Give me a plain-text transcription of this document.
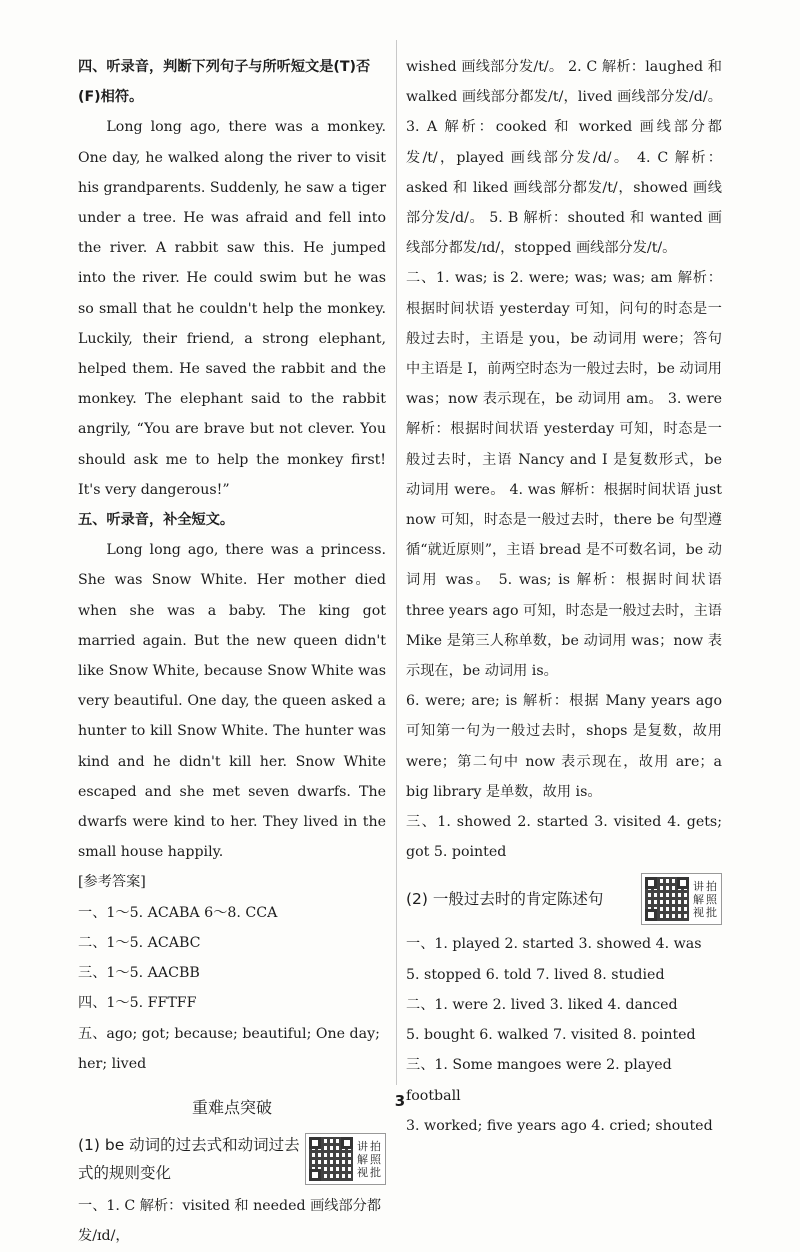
四、听录音，判断下列句子与所听短文是(T)否(F)相符。

Long long ago, there was a monkey. One day, he walked along the river to visit his grandparents. Suddenly, he saw a tiger under a tree. He was afraid and fell into the river. A rabbit saw this. He jumped into the river. He could swim but he was so small that he couldn't help the monkey. Luckily, their friend, a strong elephant, helped them. He saved the rabbit and the monkey. The elephant said to the rabbit angrily, “You are brave but not clever. You should ask me to help the monkey first! It's very dangerous!”

五、听录音，补全短文。

Long long ago, there was a princess. She was Snow White. Her mother died when she was a baby. The king got married again. But the new queen didn't like Snow White, because Snow White was very beautiful. One day, the queen asked a hunter to kill Snow White. The hunter was kind and he didn't kill her. Snow White escaped and she met seven dwarfs. The dwarfs were kind to her. They lived in the small house happily.

[参考答案]

一、1～5. ACABA 6～8. CCA

二、1～5. ACABC

三、1～5. AACBB

四、1～5. FFTFF

五、ago; got; because; beautiful; One day; her; lived

重难点突破
(1) be 动词的过去式和动词过去式的规则变化
讲 拍
解 照
视 批

一、1. C 解析：visited 和 needed 画线部分都发/ɪd/，

wished 画线部分发/t/。 2. C 解析：laughed 和 walked 画线部分都发/t/，lived 画线部分发/d/。 3. A 解析：cooked 和 worked 画线部分都发/t/，played 画线部分发/d/。 4. C 解析：asked 和 liked 画线部分都发/t/，showed 画线部分发/d/。 5. B 解析：shouted 和 wanted 画线部分都发/ɪd/，stopped 画线部分发/t/。

二、1. was; is 2. were; was; was; am 解析：根据时间状语 yesterday 可知，问句的时态是一般过去时，主语是 you，be 动词用 were；答句中主语是 I，前两空时态为一般过去时，be 动词用 was；now 表示现在，be 动词用 am。 3. were 解析：根据时间状语 yesterday 可知，时态是一般过去时，主语 Nancy and I 是复数形式，be 动词用 were。 4. was 解析：根据时间状语 just now 可知，时态是一般过去时，there be 句型遵循“就近原则”，主语 bread 是不可数名词，be 动词用 was。 5. was; is 解析：根据时间状语 three years ago 可知，时态是一般过去时，主语 Mike 是第三人称单数，be 动词用 was；now 表示现在，be 动词用 is。

6. were; are; is 解析：根据 Many years ago 可知第一句为一般过去时，shops 是复数，故用 were；第二句中 now 表示现在，故用 are；a big library 是单数，故用 is。

三、1. showed 2. started 3. visited 4. gets; got 5. pointed

(2) 一般过去时的肯定陈述句
讲 拍
解 照
视 批

一、1. played 2. started 3. showed 4. was

5. stopped 6. told 7. lived 8. studied

二、1. were 2. lived 3. liked 4. danced

5. bought 6. walked 7. visited 8. pointed

三、1. Some mangoes were 2. played football

3. worked; five years ago 4. cried; shouted

3
